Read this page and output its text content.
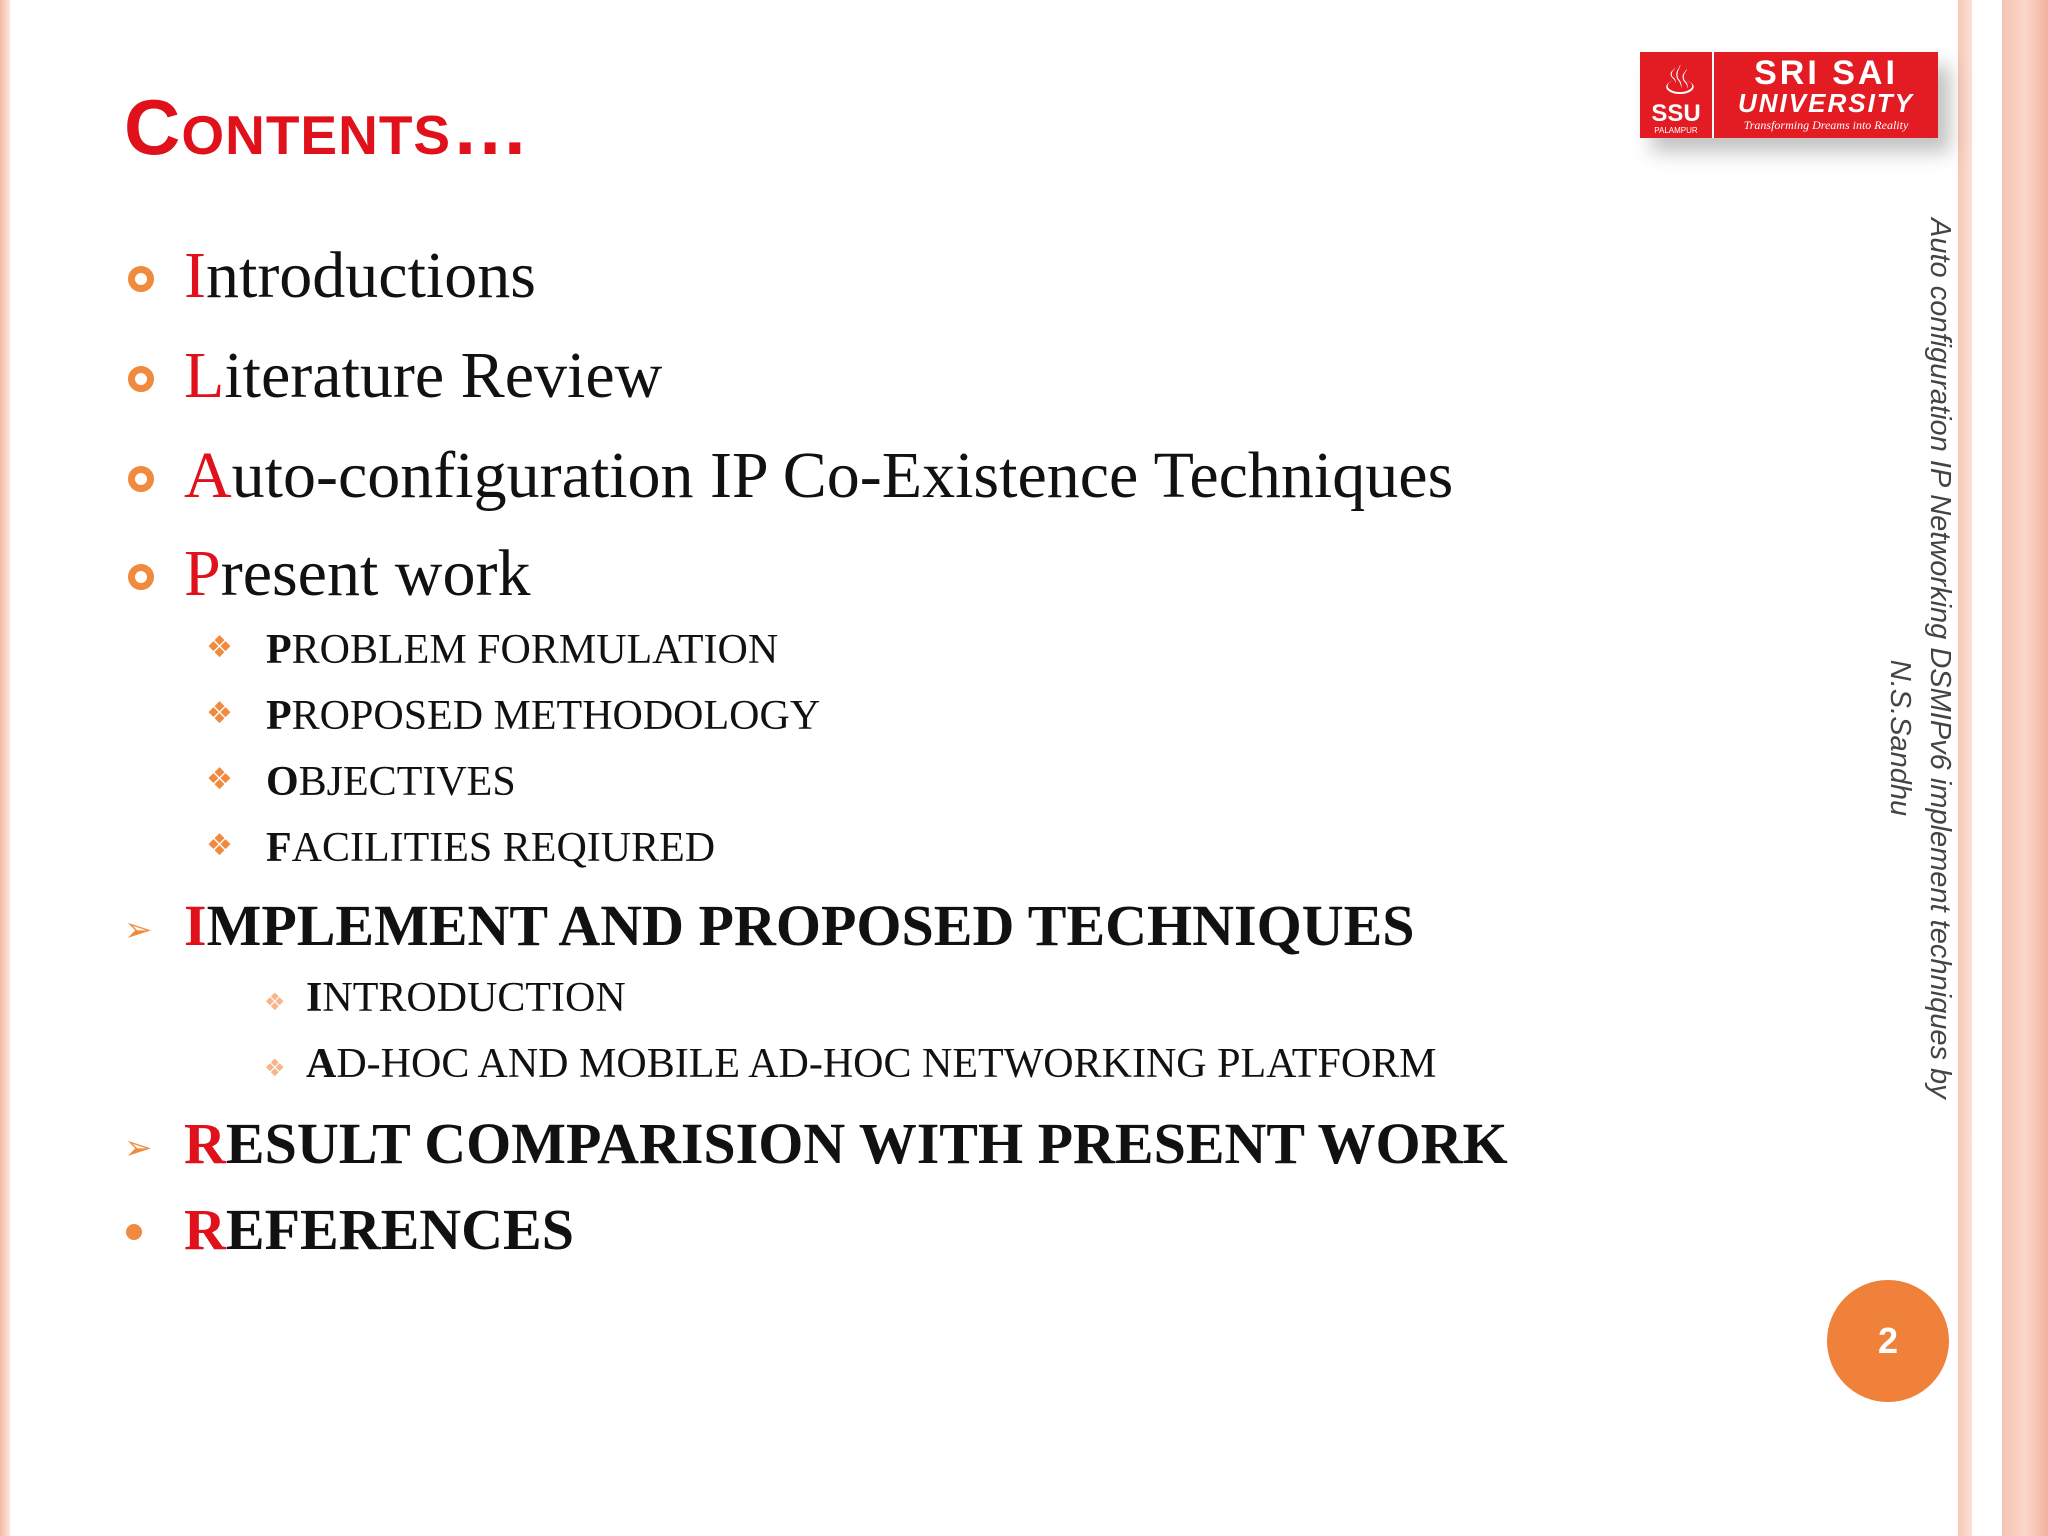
Contents…
♨
SSU
PALAMPUR
SRI SAI
UNIVERSITY
Transforming Dreams into Reality
Introductions
Literature Review
Auto-configuration IP Co-Existence Techniques
Present work
❖ PROBLEM FORMULATION
❖ PROPOSED METHODOLOGY
❖ OBJECTIVES
❖ FACILITIES REQIURED
➢ IMPLEMENT AND PROPOSED TECHNIQUES
❖ INTRODUCTION
❖ AD-HOC AND MOBILE AD-HOC NETWORKING PLATFORM
➢ RESULT COMPARISION WITH PRESENT WORK
REFERENCES
Auto configuration IP Networking DSMIPv6 implement techniques by
N.S.Sandhu
2
